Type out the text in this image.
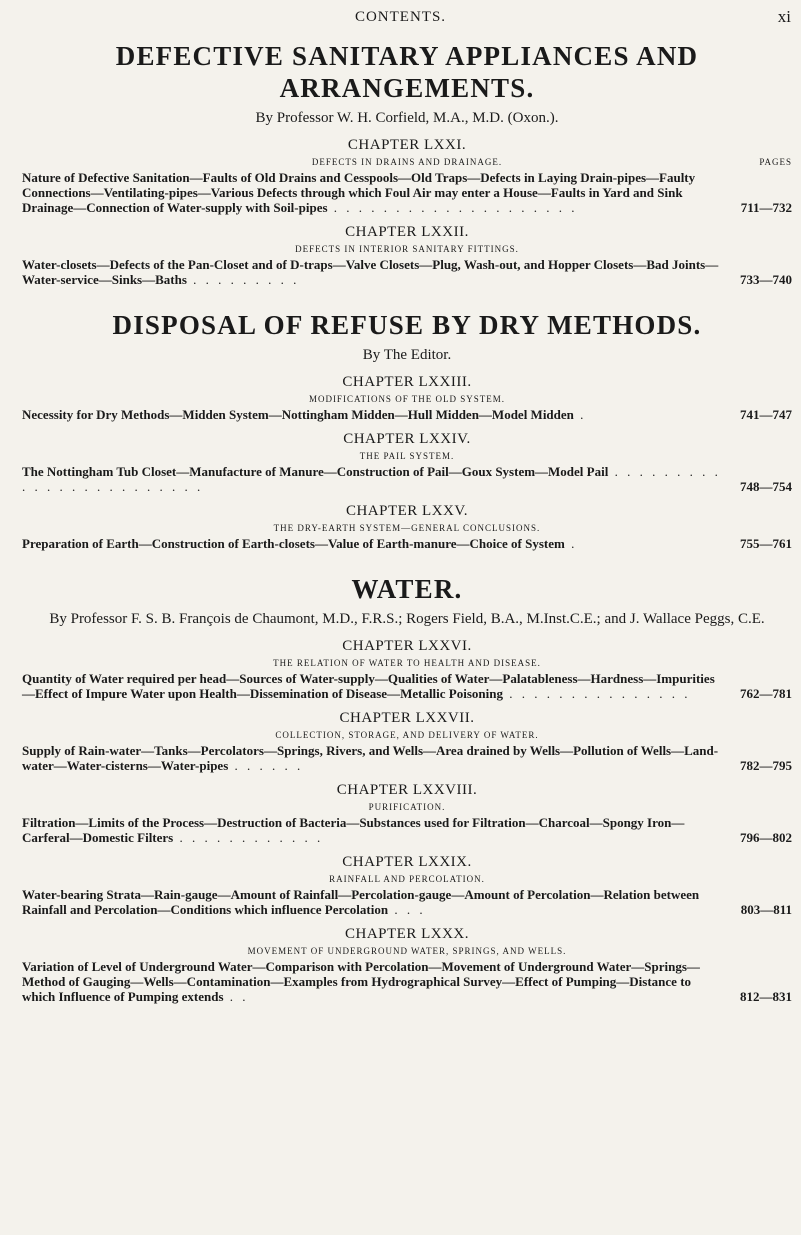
CONTENTS.	xi
DEFECTIVE SANITARY APPLIANCES AND
ARRANGEMENTS.
By Professor W. H. Corfield, M.A., M.D. (Oxon.).
CHAPTER LXXI.
DEFECTS IN DRAINS AND DRAINAGE.	PAGES
Nature of Defective Sanitation—Faults of Old Drains and Cesspools—Old Traps—Defects in Laying Drain-pipes—Faulty Connections—Ventilating-pipes—Various Defects through which Foul Air may enter a House—Faults in Yard and Sink Drainage—Connection of Water-supply with Soil-pipes . . . . . . . . . . . . . . . . . . . .	711—732
CHAPTER LXXII.
DEFECTS IN INTERIOR SANITARY FITTINGS.
Water-closets—Defects of the Pan-Closet and of D-traps—Valve Closets—Plug, Wash-out, and Hopper Closets—Bad Joints—Water-service—Sinks—Baths . . . . . . . . .	733—740
DISPOSAL OF REFUSE BY DRY METHODS.
By The Editor.
CHAPTER LXXIII.
MODIFICATIONS OF THE OLD SYSTEM.
Necessity for Dry Methods—Midden System—Nottingham Midden—Hull Midden—Model Midden .	741—747
CHAPTER LXXIV.
THE PAIL SYSTEM.
The Nottingham Tub Closet—Manufacture of Manure—Construction of Pail—Goux System—Model Pail . . . . . . . . . . . . . . . . . . . . . . . .	748—754
CHAPTER LXXV.
THE DRY-EARTH SYSTEM—GENERAL CONCLUSIONS.
Preparation of Earth—Construction of Earth-closets—Value of Earth-manure—Choice of System .	755—761
WATER.
By Professor F. S. B. François de Chaumont, M.D., F.R.S.; Rogers Field, B.A., M.Inst.C.E.; and J. Wallace Peggs, C.E.
CHAPTER LXXVI.
THE RELATION OF WATER TO HEALTH AND DISEASE.
Quantity of Water required per head—Sources of Water-supply—Qualities of Water—Palatableness—Hardness—Impurities—Effect of Impure Water upon Health—Dissemination of Disease—Metallic Poisoning . . . . . . . . . . . . . . .	762—781
CHAPTER LXXVII.
COLLECTION, STORAGE, AND DELIVERY OF WATER.
Supply of Rain-water—Tanks—Percolators—Springs, Rivers, and Wells—Area drained by Wells—Pollution of Wells—Land-water—Water-cisterns—Water-pipes . . . . . .	782—795
CHAPTER LXXVIII.
PURIFICATION.
Filtration—Limits of the Process—Destruction of Bacteria—Substances used for Filtration—Charcoal—Spongy Iron—Carferal—Domestic Filters . . . . . . . . . . . .	796—802
CHAPTER LXXIX.
RAINFALL AND PERCOLATION.
Water-bearing Strata—Rain-gauge—Amount of Rainfall—Percolation-gauge—Amount of Percolation—Relation between Rainfall and Percolation—Conditions which influence Percolation . . .	803—811
CHAPTER LXXX.
MOVEMENT OF UNDERGROUND WATER, SPRINGS, AND WELLS.
Variation of Level of Underground Water—Comparison with Percolation—Movement of Underground Water—Springs—Method of Gauging—Wells—Contamination—Examples from Hydrographical Survey—Effect of Pumping—Distance to which Influence of Pumping extends . .	812—831
